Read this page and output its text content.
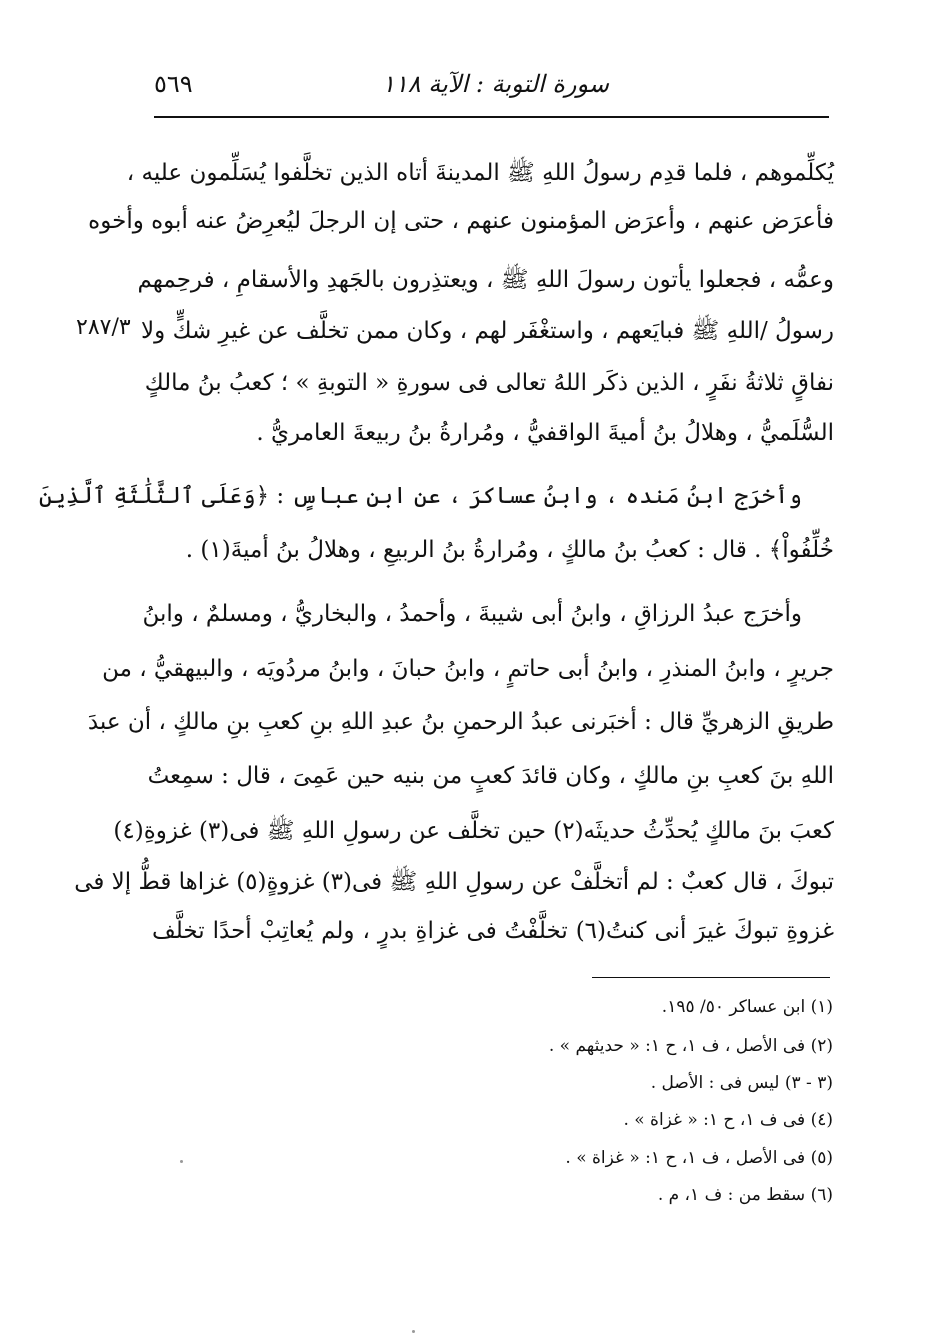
٥٦٩	سورة التوبة : الآية ١١٨
٢٨٧/٣
يُكلِّموهم ، فلما قدِم رسولُ اللهِ ﷺ المدينةَ أتاه الذين تخلَّفوا يُسَلِّمون عليه ،
فأعرَض عنهم ، وأعرَض المؤمنون عنهم ، حتى إن الرجلَ ليُعرِضُ عنه أبوه وأخوه
وعمُّه ، فجعلوا يأتون رسولَ اللهِ ﷺ ، ويعتذِرون بالجَهدِ والأسقامِ ، فرحِمهم
رسولُ /اللهِ ﷺ فبايَعهم ، واستغْفَر لهم ، وكان ممن تخلَّف عن غيرِ شكٍّ ولا
نفاقٍ ثلاثةُ نفَرٍ ، الذين ذكَر اللهُ تعالى فى سورةِ « التوبةِ » ؛ كعبُ بنُ مالكٍ
السُّلَميُّ ، وهلالُ بنُ أميةَ الواقفيُّ ، ومُرارةُ بنُ ربيعةَ العامريُّ .
وأخرَج ابنُ مَنده ، وابنُ عساكرَ ، عن ابنِ عباسٍ : ﴿وَعَلَى ٱلثَّلَٰثَةِ ٱلَّذِينَ
خُلِّفُواْ﴾ . قال : كعبُ بنُ مالكٍ ، ومُرارةُ بنُ الربيعِ ، وهلالُ بنُ أميةَ(١) .
وأخرَج عبدُ الرزاقِ ، وابنُ أبى شيبةَ ، وأحمدُ ، والبخاريُّ ، ومسلمٌ ، وابنُ
جريرٍ ، وابنُ المنذرِ ، وابنُ أبى حاتمٍ ، وابنُ حبانَ ، وابنُ مردُويَه ، والبيهقيُّ ، من
طريقِ الزهريِّ قال : أخبَرنى عبدُ الرحمنِ بنُ عبدِ اللهِ بنِ كعبِ بنِ مالكٍ ، أن عبدَ
اللهِ بنَ كعبِ بنِ مالكٍ ، وكان قائدَ كعبٍ من بنيه حين عَمِىَ ، قال : سمِعتُ
كعبَ بنَ مالكٍ يُحدِّثُ حديثَه(٢) حين تخلَّف عن رسولِ اللهِ ﷺ فى(٣) غزوةِ(٤)
تبوكَ ، قال كعبٌ : لم أتخلَّفْ عن رسولِ اللهِ ﷺ فى(٣) غزوةٍ(٥) غزاها قطُّ إلا فى
غزوةِ تبوكَ غيرَ أنى كنتُ(٦) تخلَّفْتُ فى غزاةِ بدرٍ ، ولم يُعاتِبْ أحدًا تخلَّف
(١) ابن عساكر ٥٠/ ١٩٥.
(٢) فى الأصل ، ف ١، ح ١: « حديثهم » .
(٣ - ٣) ليس فى : الأصل .
(٤) فى ف ١، ح ١: « غزاة » .
(٥) فى الأصل ، ف ١، ح ١: « غزاة » .
(٦) سقط من : ف ١، م .
